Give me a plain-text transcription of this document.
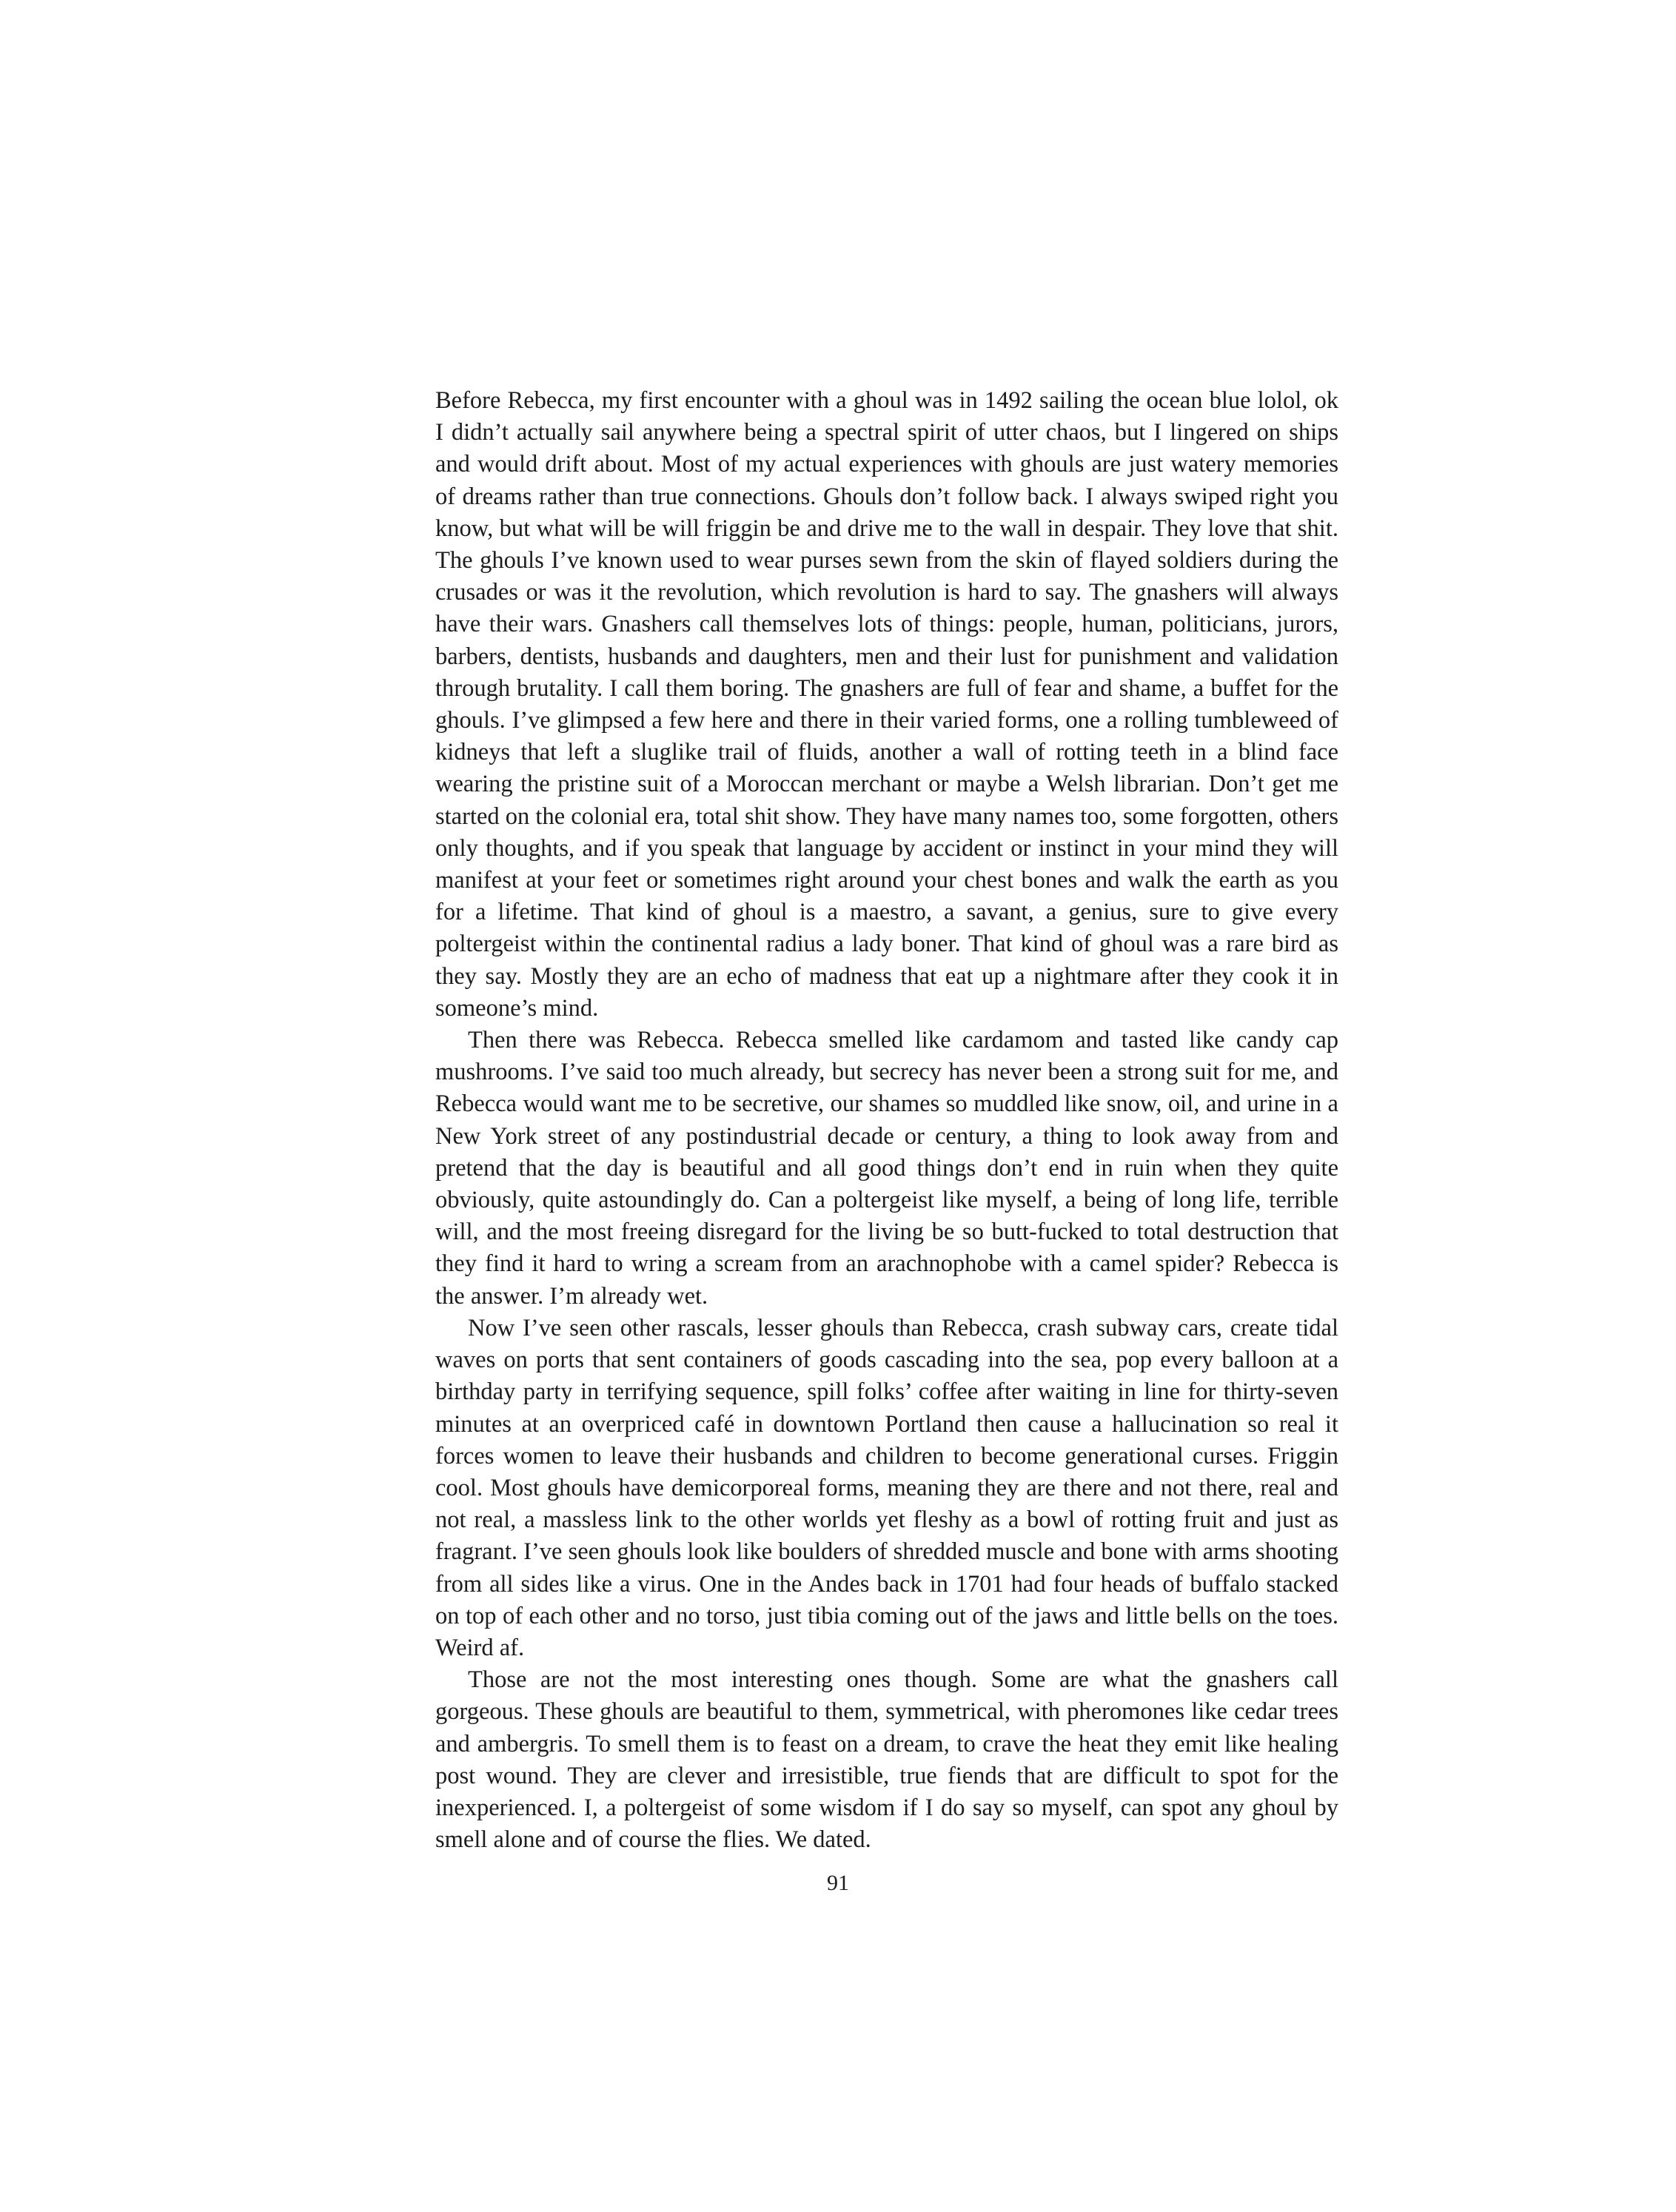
Before Rebecca, my first encounter with a ghoul was in 1492 sailing the ocean blue lolol, ok I didn’t actually sail anywhere being a spectral spirit of utter chaos, but I lingered on ships and would drift about. Most of my actual experiences with ghouls are just watery memories of dreams rather than true connections. Ghouls don’t follow back. I always swiped right you know, but what will be will friggin be and drive me to the wall in despair. They love that shit. The ghouls I’ve known used to wear purses sewn from the skin of flayed soldiers during the crusades or was it the revolution, which revolution is hard to say. The gnashers will always have their wars. Gnashers call themselves lots of things: people, human, politicians, jurors, barbers, dentists, husbands and daughters, men and their lust for punishment and validation through brutality. I call them boring. The gnashers are full of fear and shame, a buffet for the ghouls. I’ve glimpsed a few here and there in their varied forms, one a rolling tumbleweed of kidneys that left a sluglike trail of fluids, another a wall of rotting teeth in a blind face wearing the pristine suit of a Moroccan merchant or maybe a Welsh librarian. Don’t get me started on the colonial era, total shit show. They have many names too, some forgotten, others only thoughts, and if you speak that language by accident or instinct in your mind they will manifest at your feet or sometimes right around your chest bones and walk the earth as you for a lifetime. That kind of ghoul is a maestro, a savant, a genius, sure to give every poltergeist within the continental radius a lady boner. That kind of ghoul was a rare bird as they say. Mostly they are an echo of madness that eat up a nightmare after they cook it in someone’s mind.

Then there was Rebecca. Rebecca smelled like cardamom and tasted like candy cap mushrooms. I’ve said too much already, but secrecy has never been a strong suit for me, and Rebecca would want me to be secretive, our shames so muddled like snow, oil, and urine in a New York street of any postindustrial decade or century, a thing to look away from and pretend that the day is beautiful and all good things don’t end in ruin when they quite obviously, quite astoundingly do. Can a poltergeist like myself, a being of long life, terrible will, and the most freeing disregard for the living be so butt-fucked to total destruction that they find it hard to wring a scream from an arachnophobe with a camel spider? Rebecca is the answer. I’m already wet.

Now I’ve seen other rascals, lesser ghouls than Rebecca, crash subway cars, create tidal waves on ports that sent containers of goods cascading into the sea, pop every balloon at a birthday party in terrifying sequence, spill folks’ coffee after waiting in line for thirty-seven minutes at an overpriced café in downtown Portland then cause a hallucination so real it forces women to leave their husbands and children to become generational curses. Friggin cool. Most ghouls have demicorporeal forms, meaning they are there and not there, real and not real, a massless link to the other worlds yet fleshy as a bowl of rotting fruit and just as fragrant. I’ve seen ghouls look like boulders of shredded muscle and bone with arms shooting from all sides like a virus. One in the Andes back in 1701 had four heads of buffalo stacked on top of each other and no torso, just tibia coming out of the jaws and little bells on the toes. Weird af.

Those are not the most interesting ones though. Some are what the gnashers call gorgeous. These ghouls are beautiful to them, symmetrical, with pheromones like cedar trees and ambergris. To smell them is to feast on a dream, to crave the heat they emit like healing post wound. They are clever and irresistible, true fiends that are difficult to spot for the inexperienced. I, a poltergeist of some wisdom if I do say so myself, can spot any ghoul by smell alone and of course the flies. We dated.

91
